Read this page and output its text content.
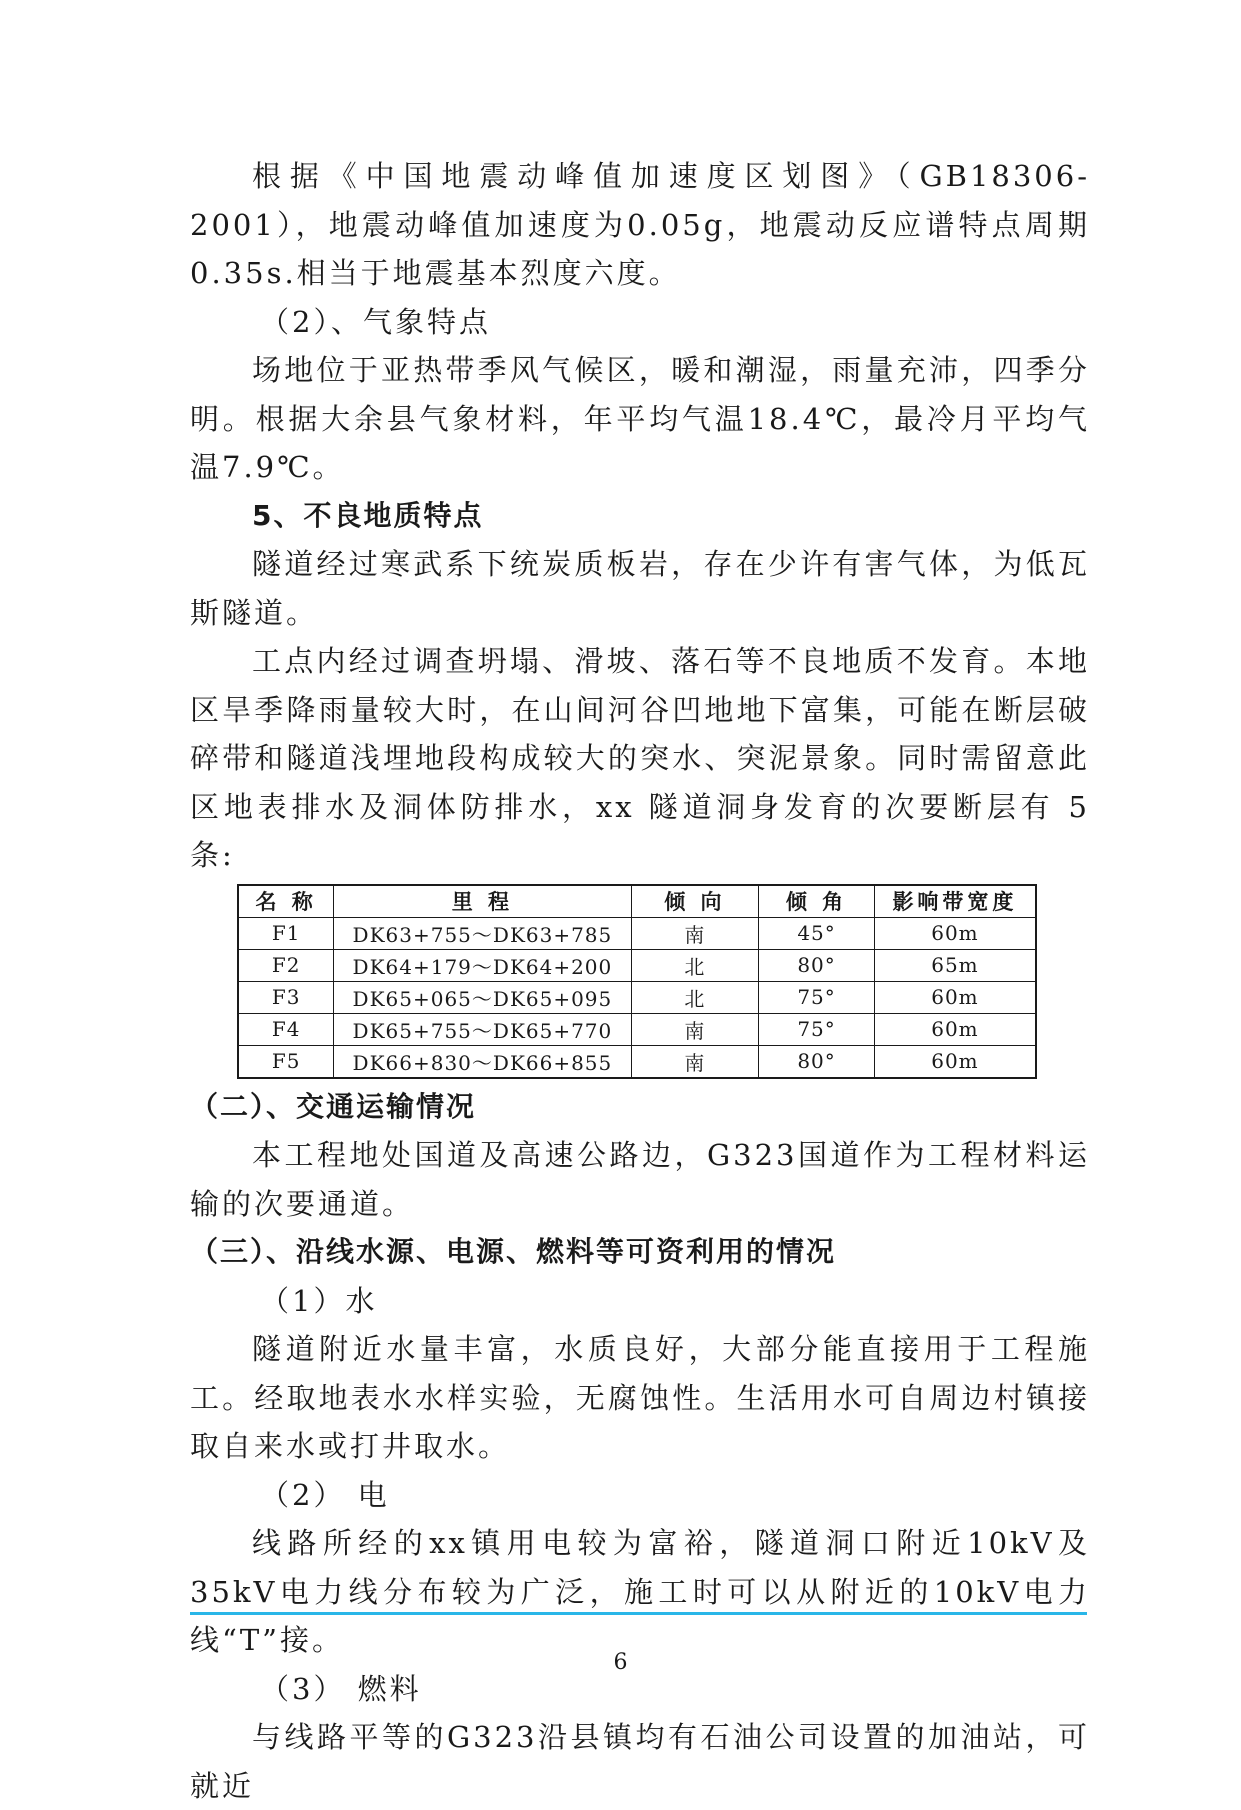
根据《中国地震动峰值加速度区划图》（GB18306-2001），地震动峰值加速度为0.05g，地震动反应谱特点周期0.35s.相当于地震基本烈度六度。

（2）、气象特点

场地位于亚热带季风气候区，暖和潮湿，雨量充沛，四季分明。根据大余县气象材料，年平均气温18.4℃，最冷月平均气温7.9℃。

5、不良地质特点

隧道经过寒武系下统炭质板岩，存在少许有害气体，为低瓦斯隧道。

工点内经过调查坍塌、滑坡、落石等不良地质不发育。本地区旱季降雨量较大时，在山间河谷凹地地下富集，可能在断层破碎带和隧道浅埋地段构成较大的突水、突泥景象。同时需留意此区地表排水及洞体防排水，xx 隧道洞身发育的次要断层有 5 条:

名 称	里 程	倾 向	倾 角	影响带宽度
F1	DK63+755～DK63+785	南	45°	60m
F2	DK64+179～DK64+200	北	80°	65m
F3	DK65+065～DK65+095	北	75°	60m
F4	DK65+755～DK65+770	南	75°	60m
F5	DK66+830～DK66+855	南	80°	60m

（二）、交通运输情况

本工程地处国道及高速公路边，G323国道作为工程材料运输的次要通道。

（三）、沿线水源、电源、燃料等可资利用的情况

（1）水

隧道附近水量丰富，水质良好，大部分能直接用于工程施工。经取地表水水样实验，无腐蚀性。生活用水可自周边村镇接取自来水或打井取水。

（2） 电

线路所经的xx镇用电较为富裕，隧道洞口附近10kV及35kV电力线分布较为广泛，施工时可以从附近的10kV电力线“T”接。

（3） 燃料

与线路平等的G323沿县镇均有石油公司设置的加油站，可就近

6
